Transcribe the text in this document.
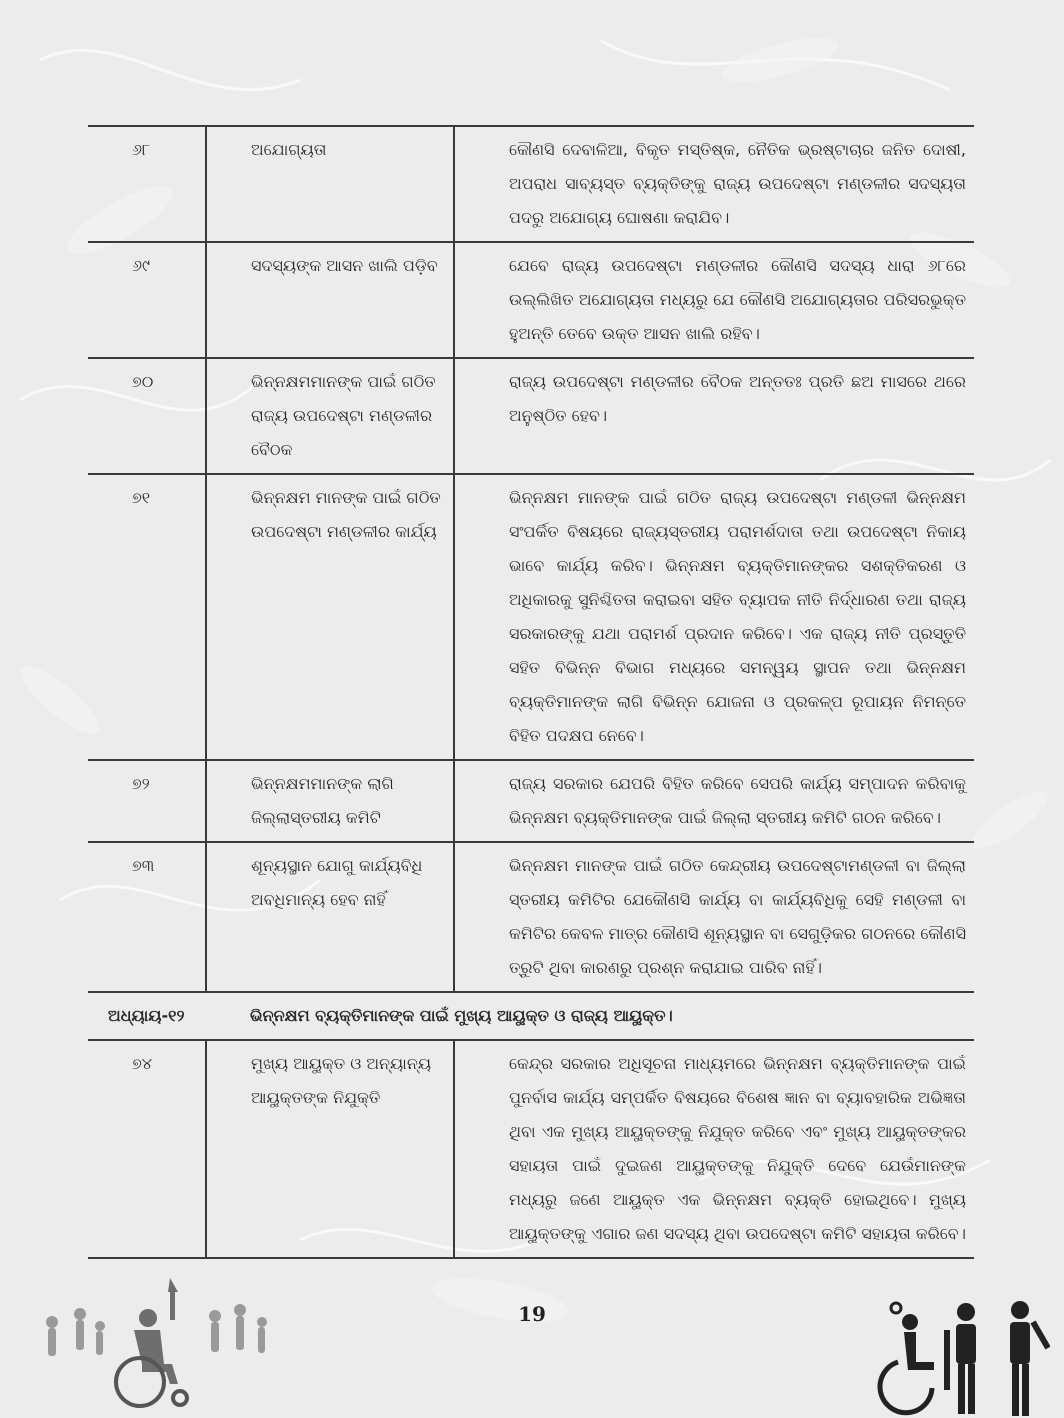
୬୮	ଅଯୋଗ୍ୟତା	କୌଣସି ଦେବାଳିଆ, ବିକୃତ ମସ୍ତିଷ୍କ, ନୈତିକ ଭ୍ରଷ୍ଟାଚାର ଜନିତ ଦୋଷୀ, ଅପରାଧ ସାବ୍ୟସ୍ତ ବ୍ୟକ୍ତିଙ୍କୁ ରାଜ୍ୟ ଉପଦେଷ୍ଟା ମଣ୍ଡଳୀର ସଦସ୍ୟତା ପଦରୁ ଅଯୋଗ୍ୟ ଘୋଷଣା କରାଯିବ।
୬୯	ସଦସ୍ୟଙ୍କ ଆସନ ଖାଲି ପଡ଼ିବ	ଯେବେ ରାଜ୍ୟ ଉପଦେଷ୍ଟା ମଣ୍ଡଳୀର କୌଣସି ସଦସ୍ୟ ଧାରା ୬୮ରେ ଉଲ୍ଲିଖିତ ଅଯୋଗ୍ୟତା ମଧ୍ୟରୁ ଯେ କୌଣସି ଅଯୋଗ୍ୟତାର ପରିସରଭୁକ୍ତ ହୁଅନ୍ତି ତେବେ ଉକ୍ତ ଆସନ ଖାଲି ରହିବ।
୭୦	ଭିନ୍ନକ୍ଷମମାନଙ୍କ ପାଇଁ ଗଠିତ ରାଜ୍ୟ ଉପଦେଷ୍ଟା ମଣ୍ଡଳୀର ବୈଠକ	ରାଜ୍ୟ ଉପଦେଷ୍ଟା ମଣ୍ଡଳୀର ବୈଠକ ଅନ୍ତତଃ ପ୍ରତି ଛଅ ମାସରେ ଥରେ ଅନୁଷ୍ଠିତ ହେବ।
୭୧	ଭିନ୍ନକ୍ଷମ ମାନଙ୍କ ପାଇଁ ଗଠିତ ଉପଦେଷ୍ଟା ମଣ୍ଡଳୀର କାର୍ଯ୍ୟ	ଭିନ୍ନକ୍ଷମ ମାନଙ୍କ ପାଇଁ ଗଠିତ ରାଜ୍ୟ ଉପଦେଷ୍ଟା ମଣ୍ଡଳୀ ଭିନ୍ନକ୍ଷମ ସଂପର୍କିତ ବିଷୟରେ ରାଜ୍ୟସ୍ତରୀୟ ପରାମର୍ଶଦାତା ତଥା ଉପଦେଷ୍ଟା ନିକାୟ ଭାବେ କାର୍ଯ୍ୟ କରିବ। ଭିନ୍ନକ୍ଷମ ବ୍ୟକ୍ତିମାନଙ୍କର ସଶକ୍ତିକରଣ ଓ ଅଧିକାରକୁ ସୁନିଶ୍ଚିତତା କରାଇବା ସହିତ ବ୍ୟାପକ ନୀତି ନିର୍ଦ୍ଧାରଣ ତଥା ରାଜ୍ୟ ସରକାରଙ୍କୁ ଯଥା ପରାମର୍ଶ ପ୍ରଦାନ କରିବେ। ଏକ ରାଜ୍ୟ ନୀତି ପ୍ରସ୍ତୁତି ସହିତ ବିଭିନ୍ନ ବିଭାଗ ମଧ୍ୟରେ ସମନ୍ୱୟ ସ୍ଥାପନ ତଥା ଭିନ୍ନକ୍ଷମ ବ୍ୟକ୍ତିମାନଙ୍କ ଲାଗି ବିଭିନ୍ନ ଯୋଜନା ଓ ପ୍ରକଳ୍ପ ରୂପାୟନ ନିମନ୍ତେ ବିହିତ ପଦକ୍ଷପ ନେବେ।
୭୨	ଭିନ୍ନକ୍ଷମମାନଙ୍କ ଲାଗି ଜିଲ୍ଲାସ୍ତରୀୟ କମିଟି	ରାଜ୍ୟ ସରକାର ଯେପରି ବିହିତ କରିବେ ସେପରି କାର୍ଯ୍ୟ ସମ୍ପାଦନ କରିବାକୁ ଭିନ୍ନକ୍ଷମ ବ୍ୟକ୍ତିମାନଙ୍କ ପାଇଁ ଜିଲ୍ଲା ସ୍ତରୀୟ କମିଟି ଗଠନ କରିବେ।
୭୩	ଶୂନ୍ୟସ୍ଥାନ ଯୋଗୁ କାର୍ଯ୍ୟବିଧି ଅବଧିମାନ୍ୟ ହେବ ନାହିଁ	ଭିନ୍ନକ୍ଷମ ମାନଙ୍କ ପାଇଁ ଗଠିତ କେନ୍ଦ୍ରୀୟ ଉପଦେଷ୍ଟାମଣ୍ଡଳୀ ବା ଜିଲ୍ଲା ସ୍ତରୀୟ କମିଟିର ଯେକୌଣସି କାର୍ଯ୍ୟ ବା କାର୍ଯ୍ୟବିଧିକୁ ସେହି ମଣ୍ଡଳୀ ବା କମିଟିର କେବଳ ମାତ୍ର କୌଣସି ଶୂନ୍ୟସ୍ଥାନ ବା ସେଗୁଡ଼ିକର ଗଠନରେ କୌଣସି ତ୍ରୁଟି ଥିବା କାରଣରୁ ପ୍ରଶ୍ନ କରାଯାଇ ପାରିବ ନାହିଁ।
ଅଧ୍ୟାୟ-୧୨	ଭିନ୍ନକ୍ଷମ ବ୍ୟକ୍ତିମାନଙ୍କ ପାଇଁ ମୁଖ୍ୟ ଆୟୁକ୍ତ ଓ ରାଜ୍ୟ ଆୟୁକ୍ତ।	
୭୪	ମୁଖ୍ୟ ଆୟୁକ୍ତ ଓ ଅନ୍ୟାନ୍ୟ ଆୟୁକ୍ତଙ୍କ ନିଯୁକ୍ତି	କେନ୍ଦ୍ର ସରକାର ଅଧିସୂଚନା ମାଧ୍ୟମରେ ଭିନ୍ନକ୍ଷମ ବ୍ୟକ୍ତିମାନଙ୍କ ପାଇଁ ପୁନର୍ବାସ କାର୍ଯ୍ୟ ସମ୍ପର୍କିତ ବିଷୟରେ ବିଶେଷ ଜ୍ଞାନ ବା ବ୍ୟାବହାରିକ ଅଭିଜ୍ଞତା ଥିବା ଏକ ମୁଖ୍ୟ ଆୟୁକ୍ତଙ୍କୁ ନିଯୁକ୍ତ କରିବେ ଏବଂ ମୁଖ୍ୟ ଆୟୁକ୍ତଙ୍କର ସହାୟତା ପାଇଁ ଦୁଇଜଣ ଆୟୁକ୍ତଙ୍କୁ ନିଯୁକ୍ତି ଦେବେ ଯେଉଁମାନଙ୍କ ମଧ୍ୟରୁ ଜଣେ ଆୟୁକ୍ତ ଏକ ଭିନ୍ନକ୍ଷମ ବ୍ୟକ୍ତି ହୋଇଥିବେ। ମୁଖ୍ୟ ଆୟୁକ୍ତଙ୍କୁ ଏଗାର ଜଣ ସଦସ୍ୟ ଥିବା ଉପଦେଷ୍ଟା କମିଟି ସହାୟତା କରିବେ।
19
